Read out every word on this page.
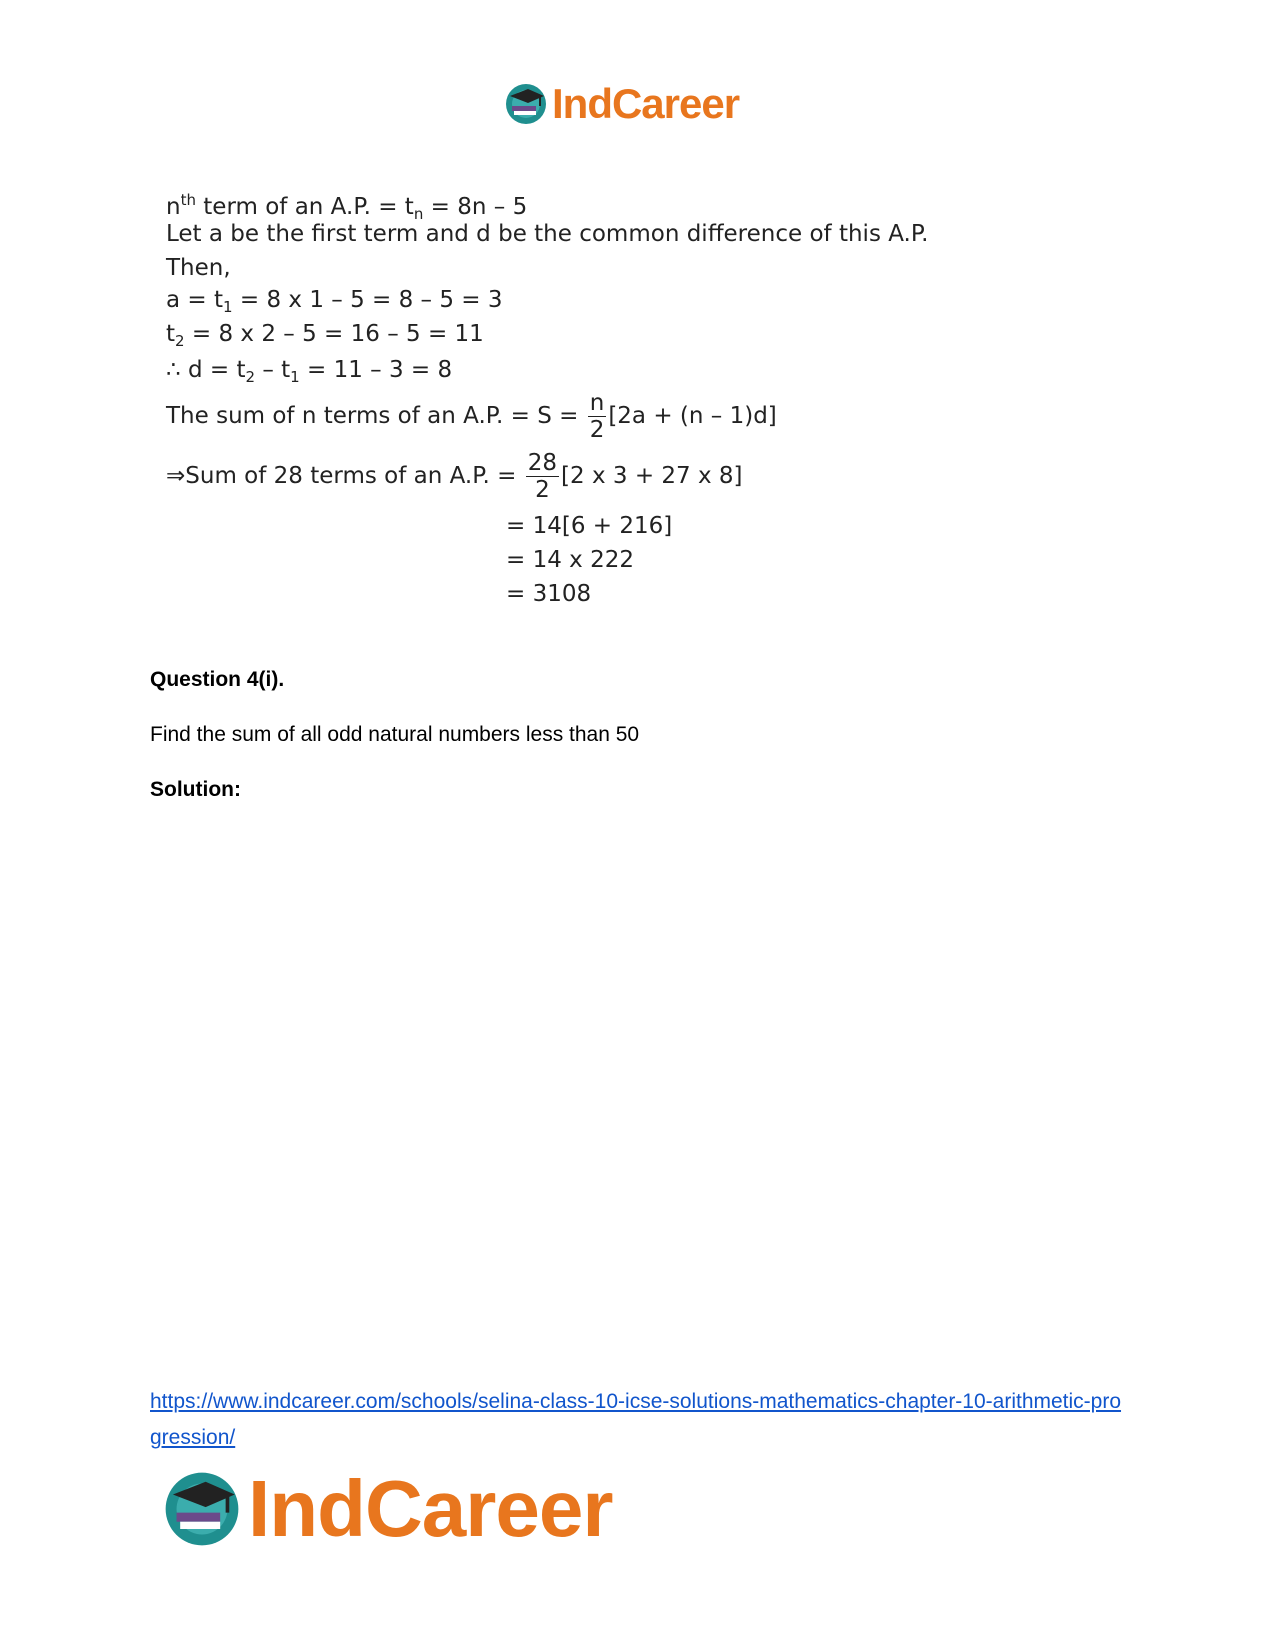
IndCareer
$n^{th}$ term of an A.P. = $t_n = 8n - 5$
Let a be the first term and d be the common difference of this A.P.
Then,
$a = t_1 = 8$ x 1 – 5 = 8 – 5 = 3
$t_2 = 8$ x 2 – 5 = 16 – 5 = 11
∴ $d = t_2 - t_1 = 11 - 3 = 8$
The sum of n terms of an A.P. = $S = \frac{n}{2} [2a + (n - 1)d]$
⇒Sum of 28 terms of an A.P. = $\frac{28}{2} [2$ x 3 + 27 x 8]
= 14[6 + 216]
= 14 x 222
= 3108
Question 4(i).
Find the sum of all odd natural numbers less than 50
Solution:
https://www.indcareer.com/schools/selina-class-10-icse-solutions-mathematics-chapter-10-arithmetic-progression/
IndCareer
